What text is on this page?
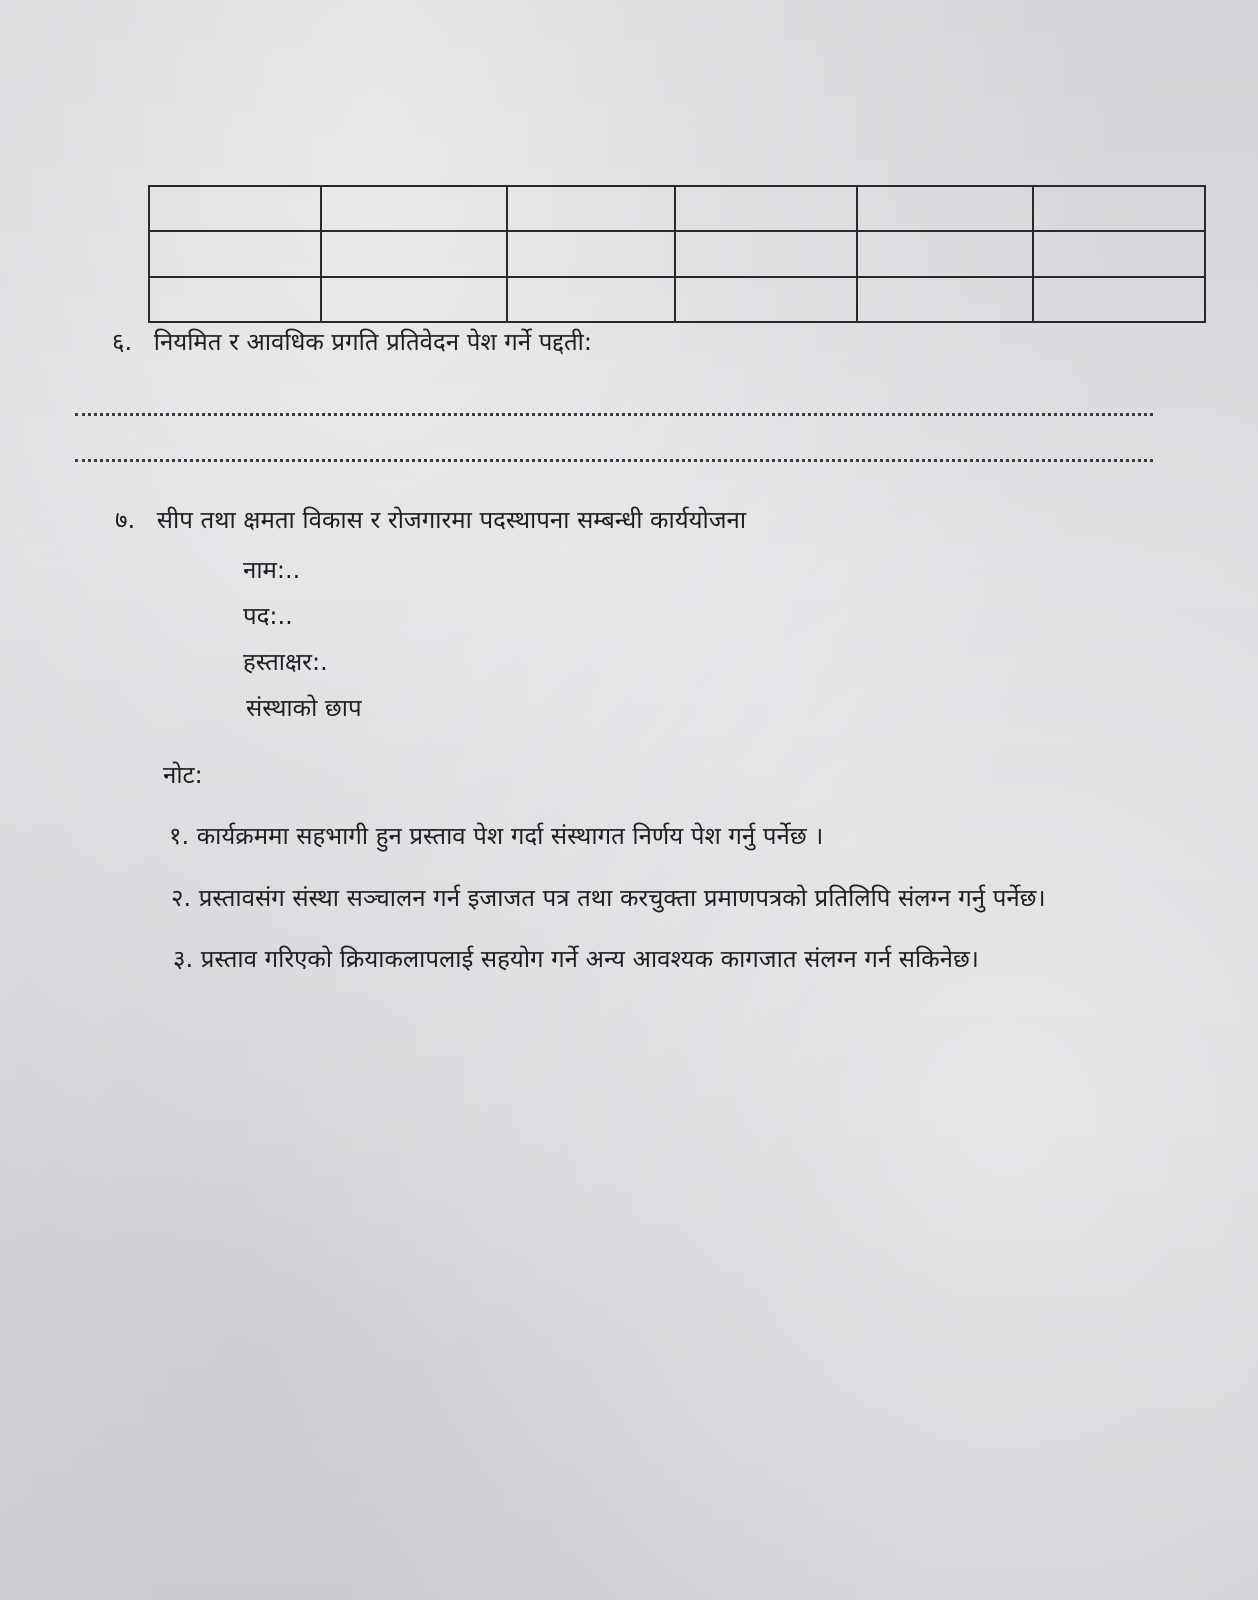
६. नियमित र आवधिक प्रगति प्रतिवेदन पेश गर्ने पद्दती:
७. सीप तथा क्षमता विकास र रोजगारमा पदस्थापना सम्बन्धी कार्ययोजना
नाम:..
पद:..
हस्ताक्षर:.
संस्थाको छाप
नोट:
१. कार्यक्रममा सहभागी हुन प्रस्ताव पेश गर्दा संस्थागत निर्णय पेश गर्नु पर्नेछ ।
२. प्रस्तावसंग संस्था सञ्चालन गर्न इजाजत पत्र तथा करचुक्ता प्रमाणपत्रको प्रतिलिपि संलग्न गर्नु पर्नेछ।
३. प्रस्ताव गरिएको क्रियाकलापलाई सहयोग गर्ने अन्य आवश्यक कागजात संलग्न गर्न सकिनेछ।
